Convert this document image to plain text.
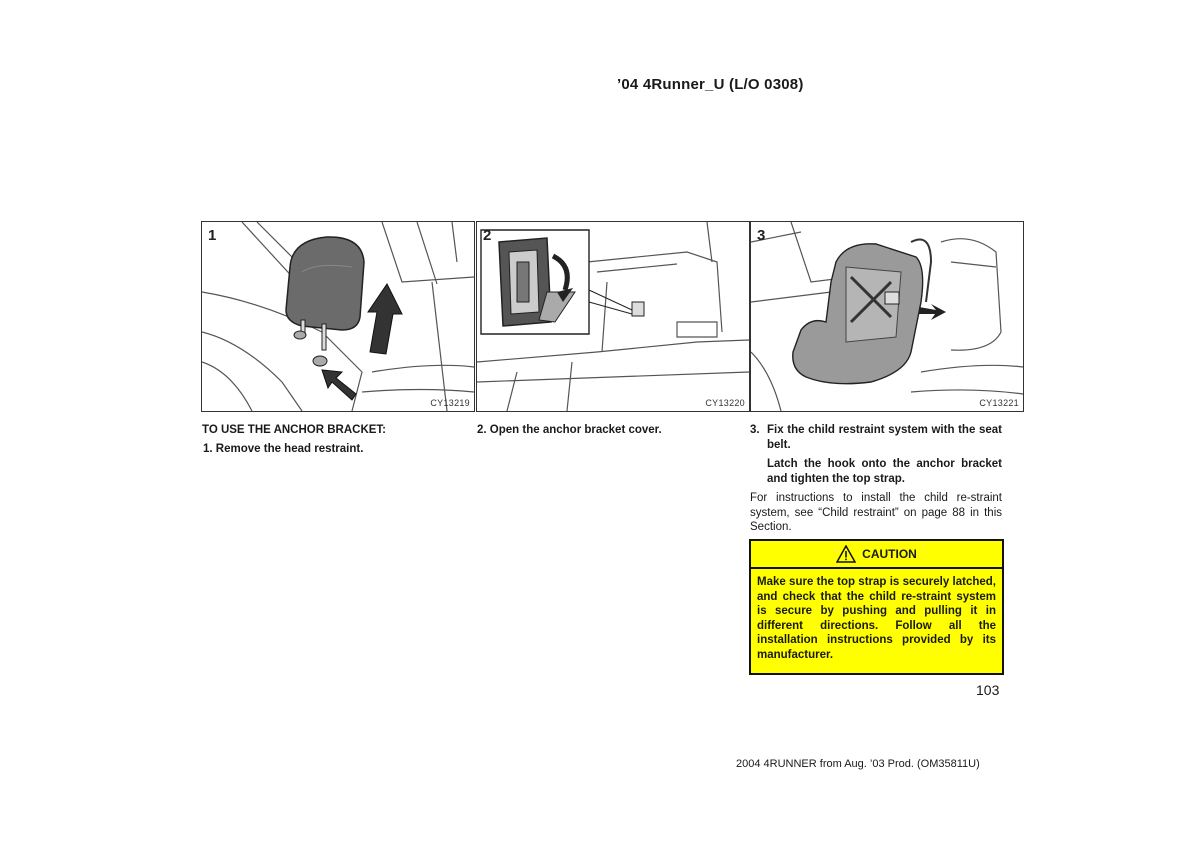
’04 4Runner_U (L/O 0308)
1
CY13219
2
CY13220
3
CY13221
TO USE THE ANCHOR BRACKET:
1. Remove the head restraint.
2. Open the anchor bracket cover.	3. Fix the child restraint system with the seat belt.
Latch the hook onto the anchor bracket and tighten the top strap.
For instructions to install the child re-straint system, see “Child restraint” on page 88 in this Section.
CAUTION
Make sure the top strap is securely latched, and check that the child re-straint system is secure by pushing and pulling it in different directions. Follow all the installation instructions provided by its manufacturer.
103
2004 4RUNNER from Aug. ’03 Prod. (OM35811U)
